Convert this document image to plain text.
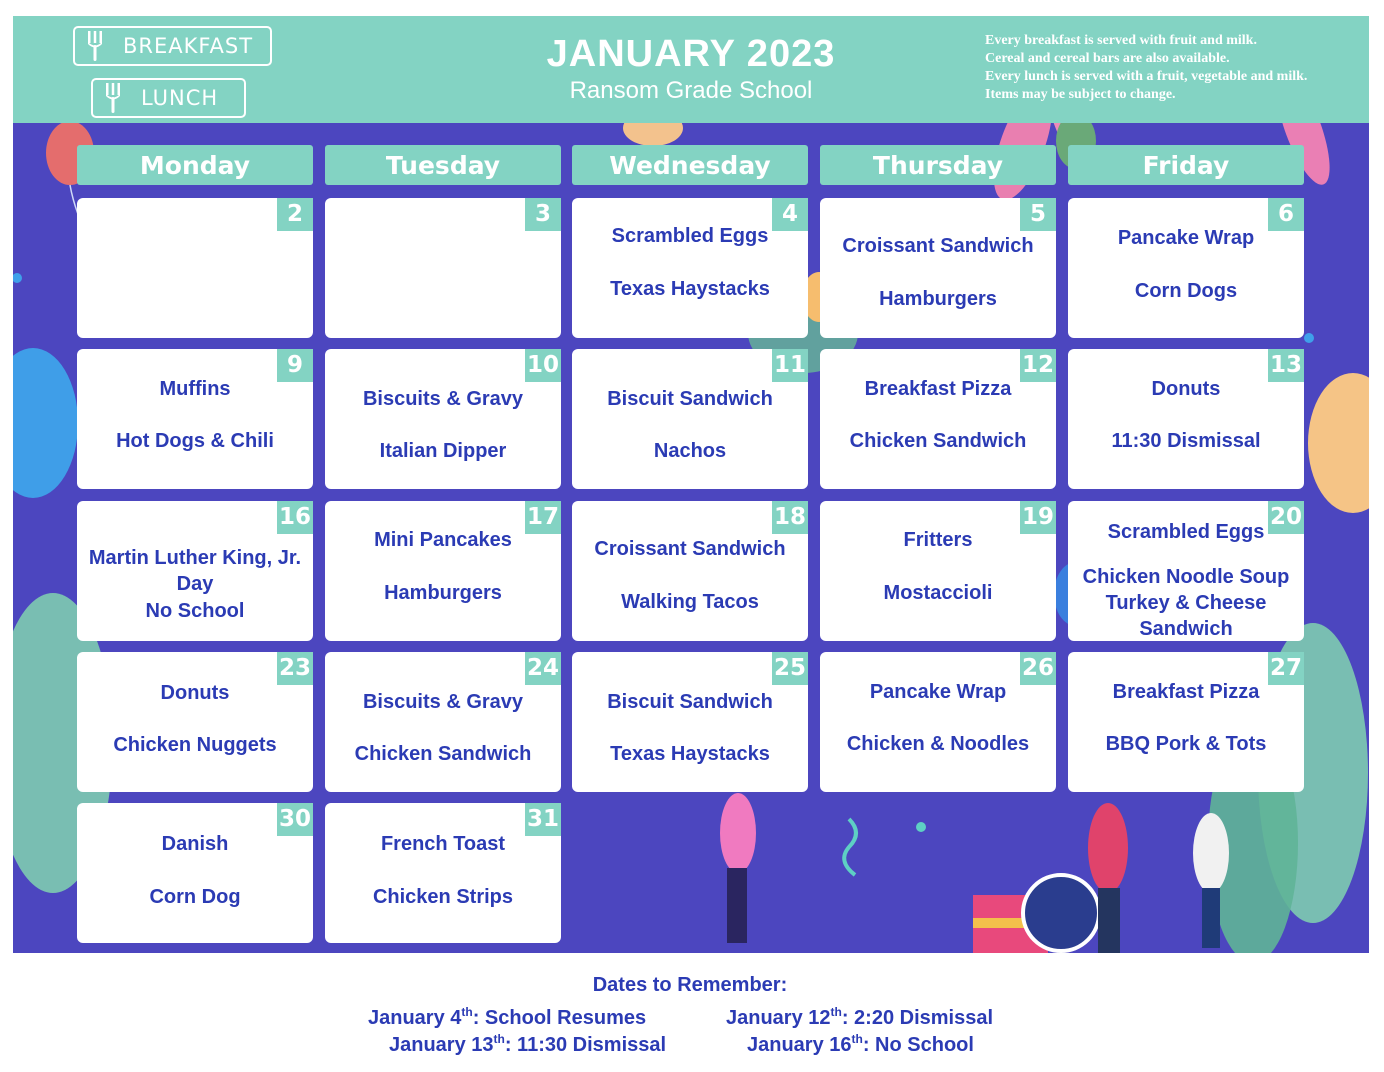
BREAKFAST
LUNCH
JANUARY 2023
Ransom Grade School
Every breakfast is served with fruit and milk.
Cereal and cereal bars are also available.
Every lunch is served with a fruit, vegetable and milk.
Items may be subject to change.
Monday	Tuesday	Wednesday	Thursday	Friday
2	3	4
Scrambled Eggs
Texas Haystacks
5
Croissant Sandwich
Hamburgers
6
Pancake Wrap
Corn Dogs
9
Muffins
Hot Dogs & Chili
10
Biscuits & Gravy
Italian Dipper
11
Biscuit Sandwich
Nachos
12
Breakfast Pizza
Chicken Sandwich
13
Donuts
11:30 Dismissal
16
Martin Luther King, Jr.
Day
No School
17
Mini Pancakes
Hamburgers
18
Croissant Sandwich
Walking Tacos
19
Fritters
Mostaccioli
20
Scrambled Eggs
Chicken Noodle Soup
Turkey & Cheese
Sandwich
23
Donuts
Chicken Nuggets
24
Biscuits & Gravy
Chicken Sandwich
25
Biscuit Sandwich
Texas Haystacks
26
Pancake Wrap
Chicken & Noodles
27
Breakfast Pizza
BBQ Pork & Tots
30
Danish
Corn Dog
31
French Toast
Chicken Strips
Dates to Remember:
January 4th: School Resumes	January 12th: 2:20 Dismissal
January 13th: 11:30 Dismissal	January 16th: No School
